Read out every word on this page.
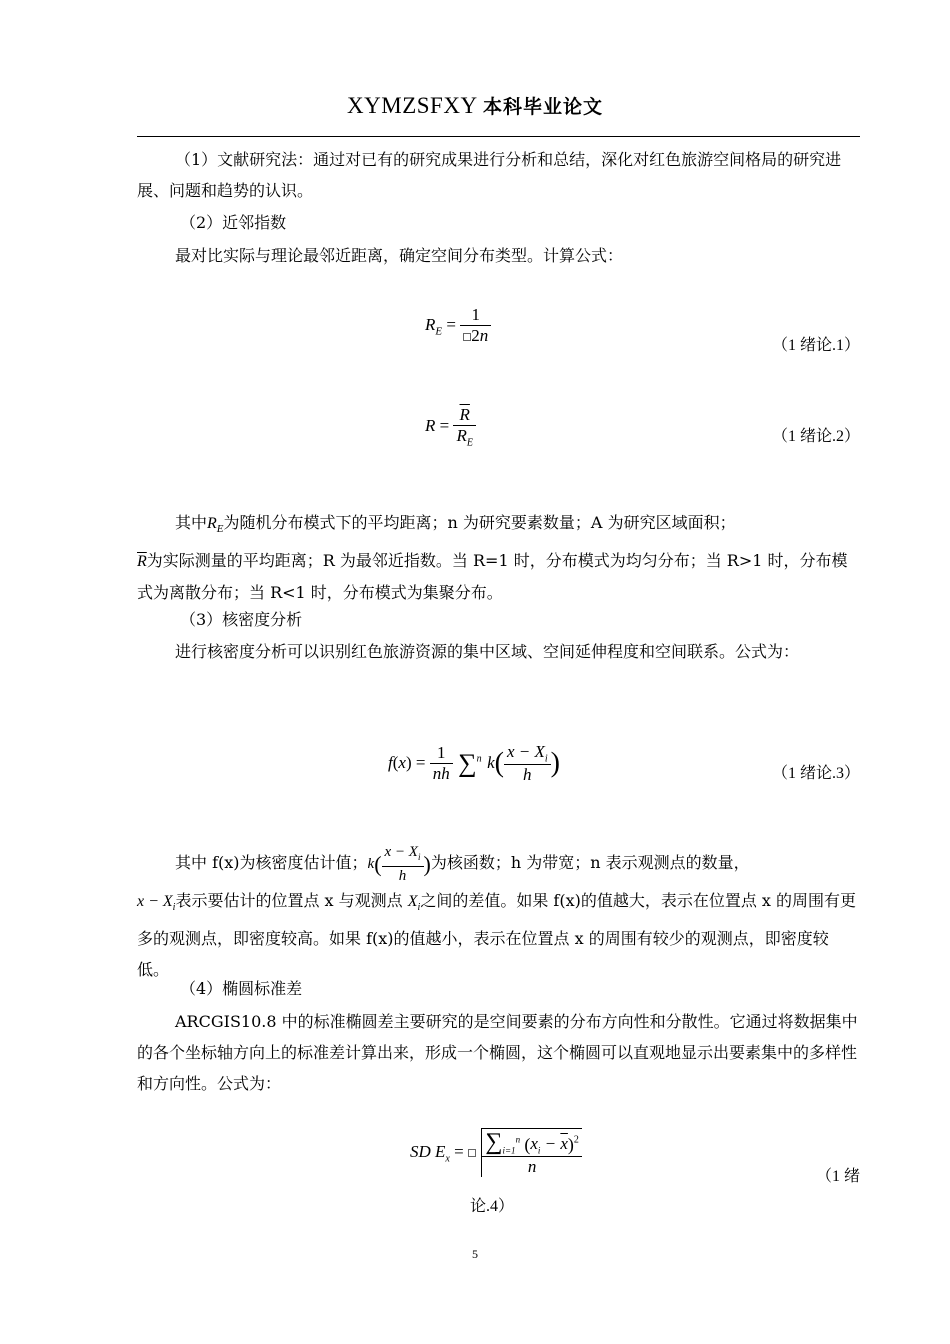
XYMZSFXY 本科毕业论文
（1）文献研究法：通过对已有的研究成果进行分析和总结，深化对红色旅游空间格局的研究进展、问题和趋势的认识。
（2）近邻指数
最对比实际与理论最邻近距离，确定空间分布类型。计算公式：
$R_E = \frac{1}{2n}$	（1 绪论.1）
$R = \frac{\overline{R}}{R_E}$	（1 绪论.2）
其中$R_E$为随机分布模式下的平均距离；n 为研究要素数量；A 为研究区域面积；
$\overline{R}$为实际测量的平均距离；R 为最邻近指数。当 R=1 时，分布模式为均匀分布；当 R>1 时，分布模式为离散分布；当 R<1 时，分布模式为集聚分布。
（3）核密度分析
进行核密度分析可以识别红色旅游资源的集中区域、空间延伸程度和空间联系。公式为：
$f(x) = \frac{1}{nh} \sum^n$ $k( \frac{x - X_i}{h}$ )	（1 绪论.3）
其中 f(x)为核密度估计值；$k( \frac{x - X_i}{h}$ )为核函数；h 为带宽；n 表示观测点的数量，
$x - X_i$表示要估计的位置点 x 与观测点 $X_i$之间的差值。如果 f(x)的值越大，表示在位置点 x 的周围有更多的观测点，即密度较高。如果 f(x)的值越小，表示在位置点 x 的周围有较少的观测点，即密度较低。
（4）椭圆标准差
ARCGIS10.8 中的标准椭圆差主要研究的是空间要素的分布方向性和分散性。它通过将数据集中的各个坐标轴方向上的标准差计算出来，形成一个椭圆，这个椭圆可以直观地显示出要素集中的多样性和方向性。公式为：
SD $E_x = \frac{\sum_{i=1}^n (x_i - \overline{x})^2}{n}$	（1 绪
论.4）
5
